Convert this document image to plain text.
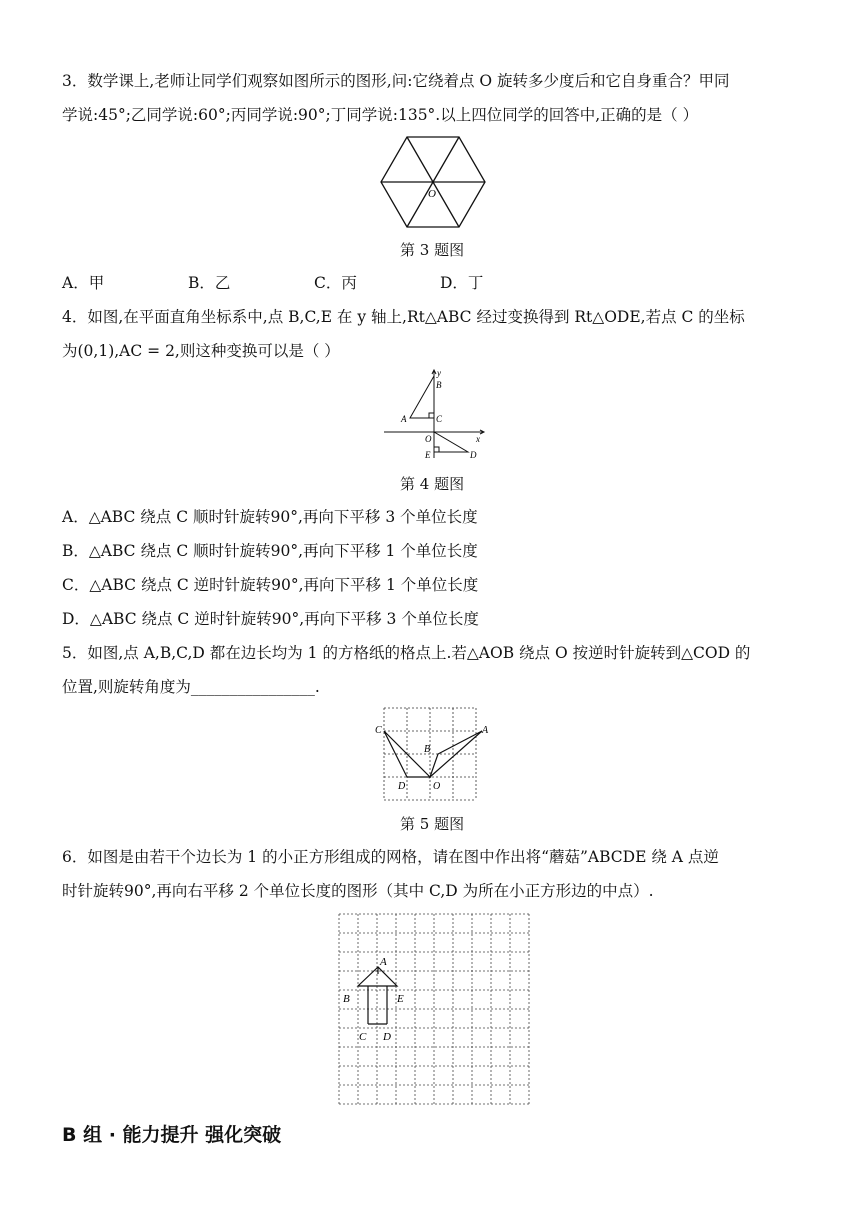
3．数学课上,老师让同学们观察如图所示的图形,问:它绕着点 O 旋转多少度后和它自身重合？甲同
学说:45°;乙同学说:60°;丙同学说:90°;丁同学说:135°.以上四位同学的回答中,正确的是（ ）
O
第 3 题图
A．甲	B．乙	C．丙	D．丁
4．如图,在平面直角坐标系中,点 B,C,E 在 y 轴上,Rt△ABC 经过变换得到 Rt△ODE,若点 C 的坐标
为(0,1),AC = 2,则这种变换可以是（ ）
y
x
B
A	C
O
E	D
第 4 题图
A．△ABC 绕点 C 顺时针旋转90°,再向下平移 3 个单位长度
B．△ABC 绕点 C 顺时针旋转90°,再向下平移 1 个单位长度
C．△ABC 绕点 C 逆时针旋转90°,再向下平移 1 个单位长度
D．△ABC 绕点 C 逆时针旋转90°,再向下平移 3 个单位长度
5．如图,点 A,B,C,D 都在边长均为 1 的方格纸的格点上.若△AOB 绕点 O 按逆时针旋转到△COD 的
位置,则旋转角度为________________.
C	A
B
D	O
第 5 题图
6．如图是由若干个边长为 1 的小正方形组成的网格，请在图中作出将“蘑菇”ABCDE 绕 A 点逆
时针旋转90°,再向右平移 2 个单位长度的图形（其中 C,D 为所在小正方形边的中点）.
A
B	E
C D
B 组 · 能力提升 强化突破
